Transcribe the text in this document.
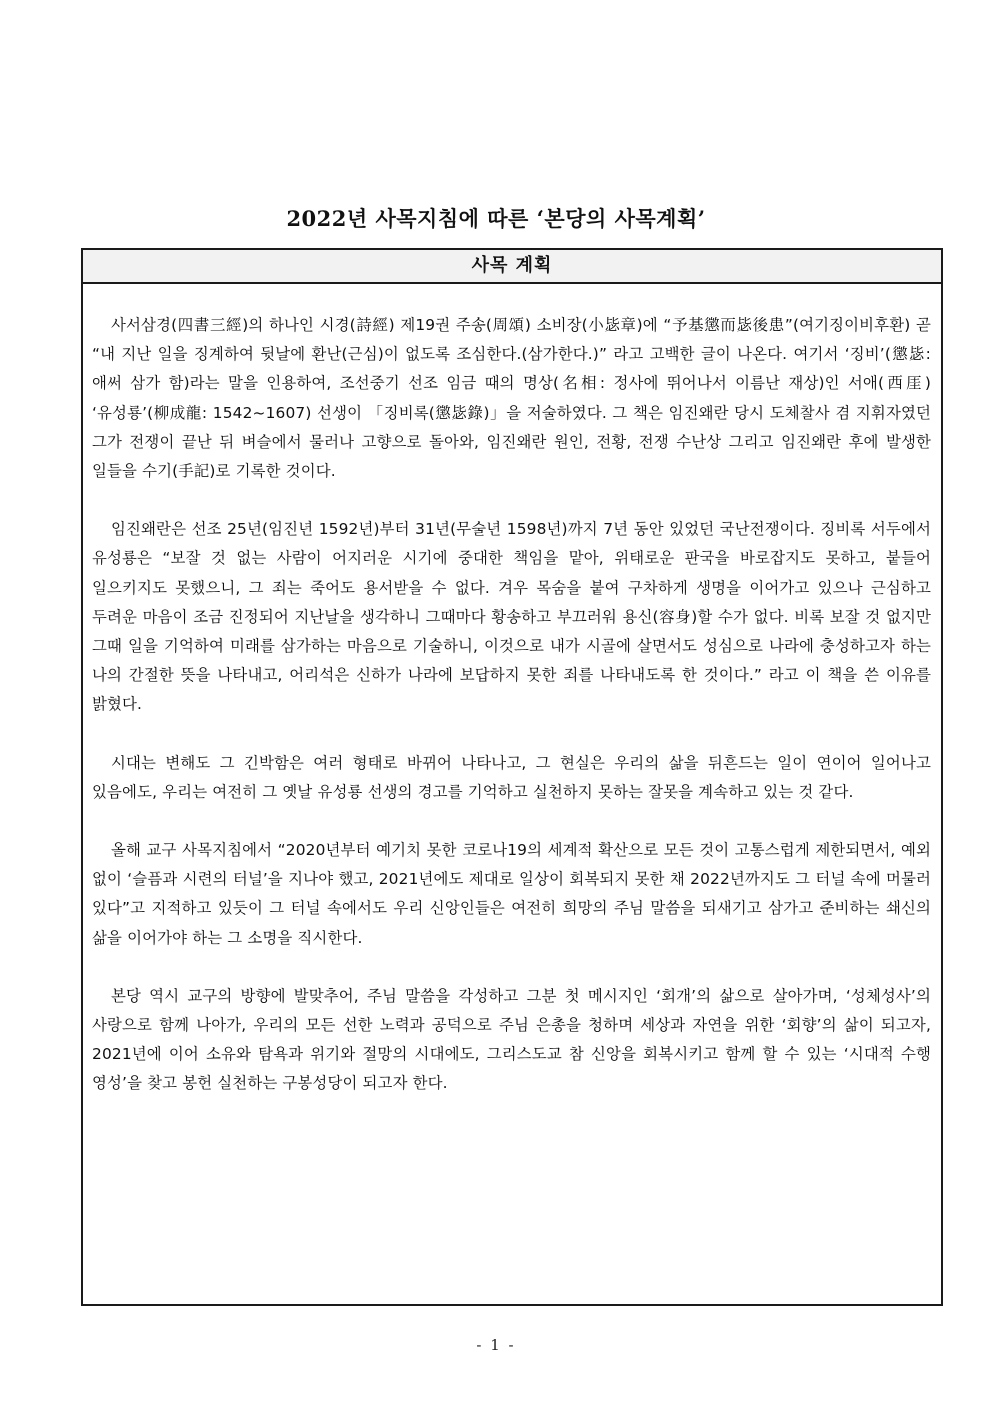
2022년 사목지침에 따른 ‘본당의 사목계획’
사목 계획

사서삼경(四書三經)의 하나인 시경(詩經) 제19권 주송(周頌) 소비장(小毖章)에 “予基懲而毖後患”(여기징이비후환) 곧 “내 지난 일을 징계하여 뒷날에 환난(근심)이 없도록 조심한다.(삼가한다.)” 라고 고백한 글이 나온다. 여기서 ‘징비’(懲毖: 애써 삼가 함)라는 말을 인용하여, 조선중기 선조 임금 때의 명상(名相: 정사에 뛰어나서 이름난 재상)인 서애(西厓) ‘유성룡’(柳成龍: 1542~1607) 선생이 「징비록(懲毖錄)」을 저술하였다. 그 책은 임진왜란 당시 도체찰사 겸 지휘자였던 그가 전쟁이 끝난 뒤 벼슬에서 물러나 고향으로 돌아와, 임진왜란 원인, 전황, 전쟁 수난상 그리고 임진왜란 후에 발생한 일들을 수기(手記)로 기록한 것이다.

임진왜란은 선조 25년(임진년 1592년)부터 31년(무술년 1598년)까지 7년 동안 있었던 국난전쟁이다. 징비록 서두에서 유성룡은 “보잘 것 없는 사람이 어지러운 시기에 중대한 책임을 맡아, 위태로운 판국을 바로잡지도 못하고, 붙들어 일으키지도 못했으니, 그 죄는 죽어도 용서받을 수 없다. 겨우 목숨을 붙여 구차하게 생명을 이어가고 있으나 근심하고 두려운 마음이 조금 진정되어 지난날을 생각하니 그때마다 황송하고 부끄러워 용신(容身)할 수가 없다. 비록 보잘 것 없지만 그때 일을 기억하여 미래를 삼가하는 마음으로 기술하니, 이것으로 내가 시골에 살면서도 성심으로 나라에 충성하고자 하는 나의 간절한 뜻을 나타내고, 어리석은 신하가 나라에 보답하지 못한 죄를 나타내도록 한 것이다.” 라고 이 책을 쓴 이유를 밝혔다.

시대는 변해도 그 긴박함은 여러 형태로 바뀌어 나타나고, 그 현실은 우리의 삶을 뒤흔드는 일이 연이어 일어나고 있음에도, 우리는 여전히 그 옛날 유성룡 선생의 경고를 기억하고 실천하지 못하는 잘못을 계속하고 있는 것 같다.

올해 교구 사목지침에서 “2020년부터 예기치 못한 코로나19의 세계적 확산으로 모든 것이 고통스럽게 제한되면서, 예외 없이 ‘슬픔과 시련의 터널’을 지나야 했고, 2021년에도 제대로 일상이 회복되지 못한 채 2022년까지도 그 터널 속에 머물러 있다”고 지적하고 있듯이 그 터널 속에서도 우리 신앙인들은 여전히 희망의 주님 말씀을 되새기고 삼가고 준비하는 쇄신의 삶을 이어가야 하는 그 소명을 직시한다.

본당 역시 교구의 방향에 발맞추어, 주님 말씀을 각성하고 그분 첫 메시지인 ‘회개’의 삶으로 살아가며, ‘성체성사’의 사랑으로 함께 나아가, 우리의 모든 선한 노력과 공덕으로 주님 은총을 청하며 세상과 자연을 위한 ‘회향’의 삶이 되고자, 2021년에 이어 소유와 탐욕과 위기와 절망의 시대에도, 그리스도교 참 신앙을 회복시키고 함께 할 수 있는 ‘시대적 수행 영성’을 찾고 봉헌 실천하는 구봉성당이 되고자 한다.

- 1 -
